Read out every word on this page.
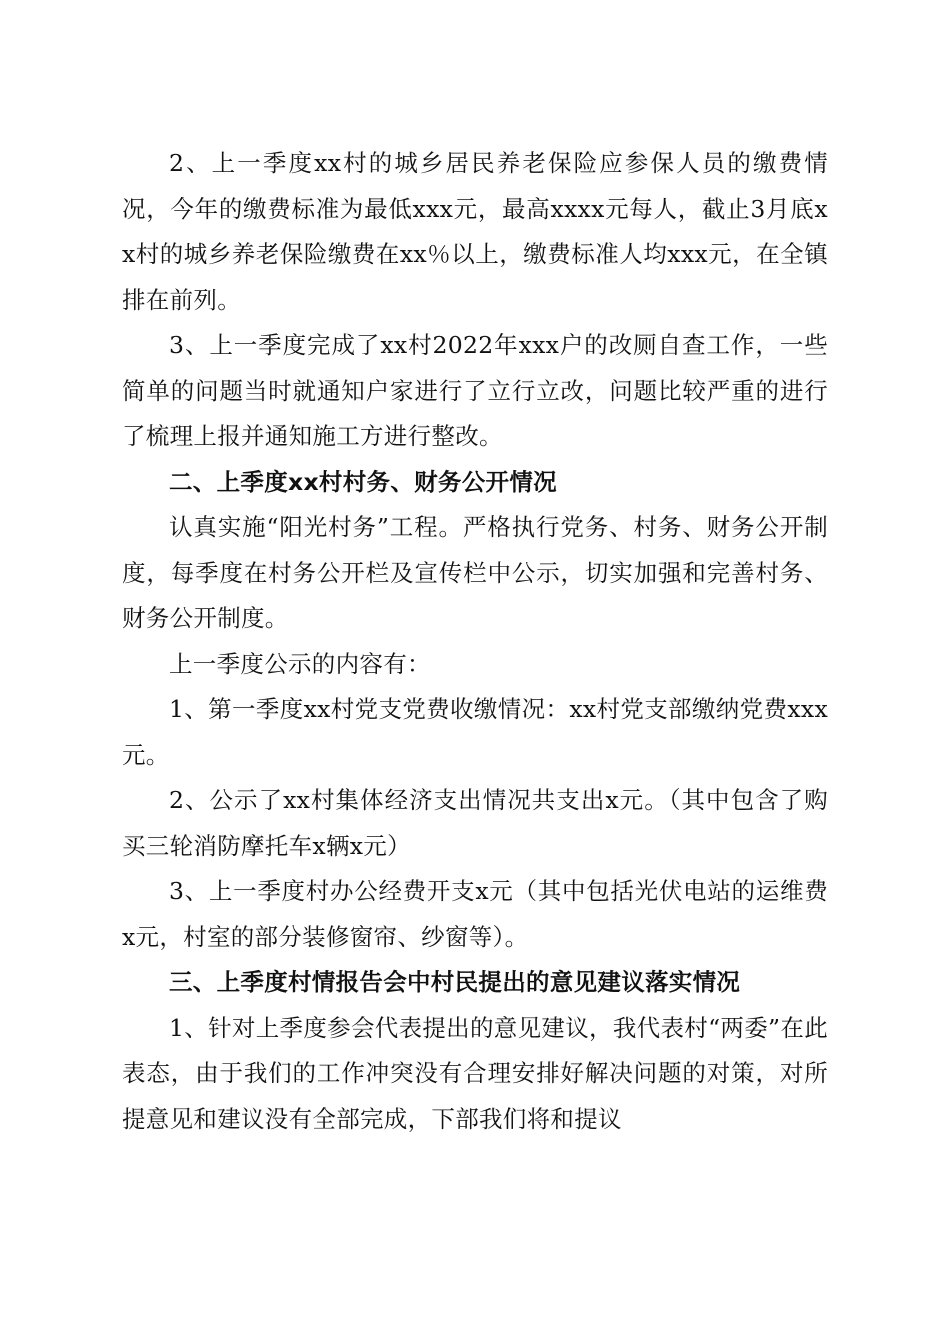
2、上一季度xx村的城乡居民养老保险应参保人员的缴费情况，今年的缴费标准为最低xxx元，最高xxxx元每人，截止3月底xx村的城乡养老保险缴费在xx％以上，缴费标准人均xxx元，在全镇排在前列。

3、上一季度完成了xx村2022年xxx户的改厕自查工作，一些简单的问题当时就通知户家进行了立行立改，问题比较严重的进行了梳理上报并通知施工方进行整改。

二、上季度xx村村务、财务公开情况

认真实施“阳光村务”工程。严格执行党务、村务、财务公开制度，每季度在村务公开栏及宣传栏中公示，切实加强和完善村务、财务公开制度。

上一季度公示的内容有：

1、第一季度xx村党支党费收缴情况：xx村党支部缴纳党费xxx元。

2、公示了xx村集体经济支出情况共支出x元。（其中包含了购买三轮消防摩托车x辆x元）

3、上一季度村办公经费开支x元（其中包括光伏电站的运维费x元，村室的部分装修窗帘、纱窗等）。

三、上季度村情报告会中村民提出的意见建议落实情况

1、针对上季度参会代表提出的意见建议，我代表村“两委”在此表态，由于我们的工作冲突没有合理安排好解决问题的对策，对所提意见和建议没有全部完成，下部我们将和提议
